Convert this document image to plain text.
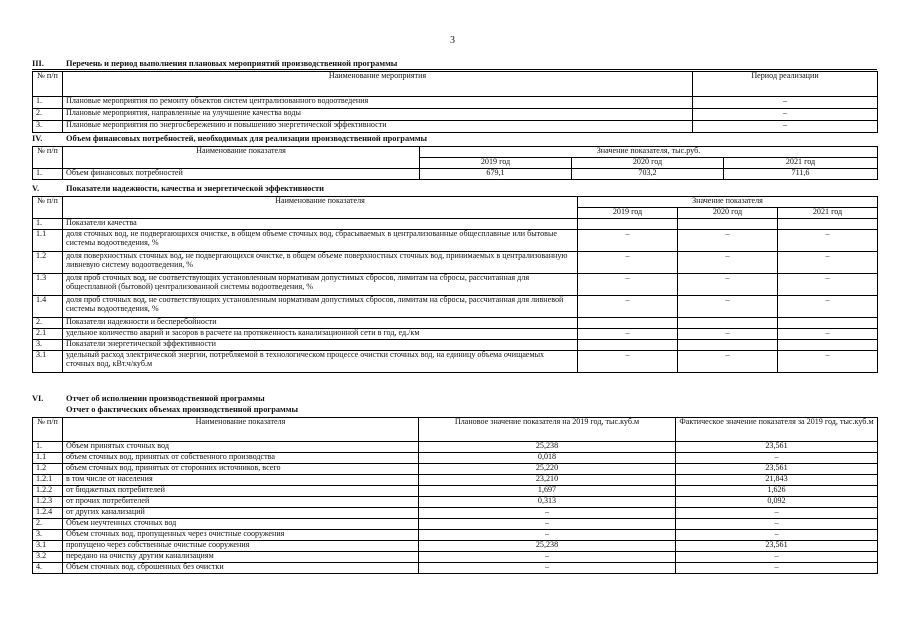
3
III.	Перечень и период выполнения плановых мероприятий производственной программы
№ п/п	Наименование мероприятия	Период реализации
1.	Плановые мероприятия по ремонту объектов систем централизованного водоотведения	–
2.	Плановые мероприятия, направленные на улучшение качества воды	–
3.	Плановые мероприятия по энергосбережению и повышению энергетической эффективности	–
IV.	Объем финансовых потребностей, необходимых для реализации производственной программы
№ п/п	Наименование показателя	Значение показателя, тыс.руб.		
		2019 год	2020 год	2021 год
1.	Объем финансовых потребностей	679,1	703,2	711,6
V.	Показатели надежности, качества и энергетической эффективности
№ п/п	Наименование показателя	Значение показателя		
		2019 год	2020 год	2021 год
1.	Показатели качества			
1.1	доля сточных вод, не подвергающихся очистке, в общем объеме сточных вод, сбрасываемых в централизованные общесплавные или бытовые системы водоотведения, %	–	–	–
1.2	доля поверхностных сточных вод, не подвергающихся очистке, в общем объеме поверхностных сточных вод, принимаемых в централизованную ливневую систему водоотведения, %	–	–	–
1.3	доля проб сточных вод, не соответствующих установленным нормативам допустимых сбросов, лимитам на сбросы, рассчитанная для общесплавной (бытовой) централизованной системы водоотведения, %	–	–	–
1.4	доля проб сточных вод, не соответствующих установленным нормативам допустимых сбросов, лимитам на сбросы, рассчитанная для ливневой системы водоотведения, %	–	–	–
2.	Показатели надежности и бесперебойности			
2.1	удельное количество аварий и засоров в расчете на протяженность канализационной сети в год, ед./км	–	–	–
3.	Показатели энергетической эффективности			
3.1	удельный расход электрической энергии, потребляемой в технологическом процессе очистки сточных вод, на единицу объема очищаемых сточных вод, кВт.ч/куб.м	–	–	–
VI.	Отчет об исполнении производственной программы
Отчет о фактических объемах производственной программы
№ п/п	Наименование показателя	Плановое значение показателя на 2019 год, тыс.куб.м	Фактическое значение показателя за 2019 год, тыс.куб.м
1.	Объем принятых сточных вод	25,238	23,561
1.1	объем сточных вод, принятых от собственного производства	0,018	–
1.2	объем сточных вод, принятых от сторонних источников, всего	25,220	23,561
1.2.1	в том числе от населения	23,210	21,843
1.2.2	от бюджетных потребителей	1,697	1,626
1.2.3	от прочих потребителей	0,313	0,092
1.2.4	от других канализаций	–	–
2.	Объем неучтенных сточных вод	–	–
3.	Объем сточных вод, пропущенных через очистные сооружения	–	–
3.1	пропущено через собственные очистные сооружения	25,238	23,561
3.2	передано на очистку другим канализациям	–	–
4.	Объем сточных вод, сброшенных без очистки	–	–
